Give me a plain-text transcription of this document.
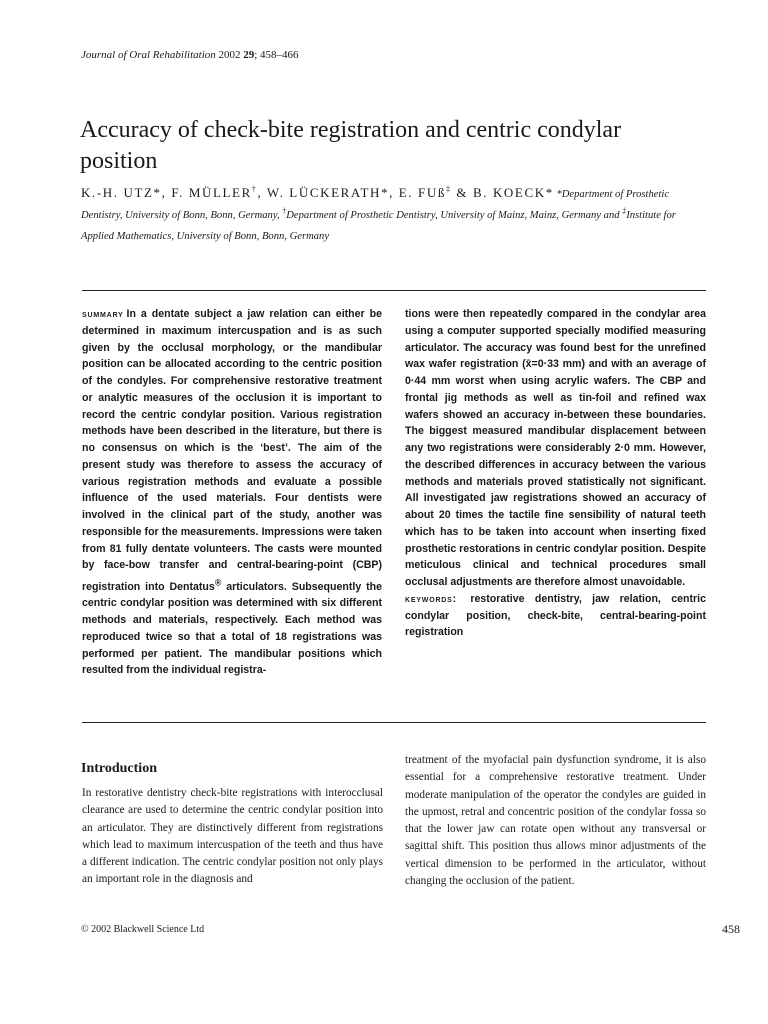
Journal of Oral Rehabilitation 2002 29; 458–466
Accuracy of check-bite registration and centric condylar position
K.-H. UTZ*, F. MÜLLER†, W. LÜCKERATH*, E. FUß‡ & B. KOECK* *Department of Prosthetic Dentistry, University of Bonn, Bonn, Germany, †Department of Prosthetic Dentistry, University of Mainz, Mainz, Germany and ‡Institute for Applied Mathematics, University of Bonn, Bonn, Germany

summary In a dentate subject a jaw relation can either be determined in maximum intercuspation and is as such given by the occlusal morphology, or the mandibular position can be allocated according to the centric position of the condyles. For comprehensive restorative treatment or analytic measures of the occlusion it is important to record the centric condylar position. Various registration methods have been described in the literature, but there is no consensus on which is the ‘best’. The aim of the present study was therefore to assess the accuracy of various registration methods and evaluate a possible influence of the used materials. Four dentists were involved in the clinical part of the study, another was responsible for the measurements. Impressions were taken from 81 fully dentate volunteers. The casts were mounted by face-bow transfer and central-bearing-point (CBP) registration into Dentatus® articulators. Subsequently the centric condylar position was determined with six different methods and materials, respectively. Each method was reproduced twice so that a total of 18 registrations was performed per patient. The mandibular positions which resulted from the individual registra-

tions were then repeatedly compared in the condylar area using a computer supported specially modified measuring articulator. The accuracy was found best for the unrefined wax wafer registration (x̄=0·33 mm) and with an average of 0·44 mm worst when using acrylic wafers. The CBP and frontal jig methods as well as tin-foil and refined wax wafers showed an accuracy in-between these boundaries. The biggest measured mandibular displacement between any two registrations were considerably 2·0 mm. However, the described differences in accuracy between the various methods and materials proved statistically not significant. All investigated jaw registrations showed an accuracy of about 20 times the tactile fine sensibility of natural teeth which has to be taken into account when inserting fixed prosthetic restorations in centric condylar position. Despite meticulous clinical and technical procedures small occlusal adjustments are therefore almost unavoidable.
keywords: restorative dentistry, jaw relation, centric condylar position, check-bite, central-bearing-point registration

Introduction

In restorative dentistry check-bite registrations with interocclusal clearance are used to determine the centric condylar position into an articulator. They are distinctively different from registrations which lead to maximum intercuspation of the teeth and thus have a different indication. The centric condylar position not only plays an important role in the diagnosis and

treatment of the myofacial pain dysfunction syndrome, it is also essential for a comprehensive restorative treatment. Under moderate manipulation of the operator the condyles are guided in the upmost, retral and concentric position of the condylar fossa so that the lower jaw can rotate open without any transversal or sagittal shift. This position thus allows minor adjustments of the vertical dimension to be performed in the articulator, without changing the occlusion of the patient.

© 2002 Blackwell Science Ltd	458
